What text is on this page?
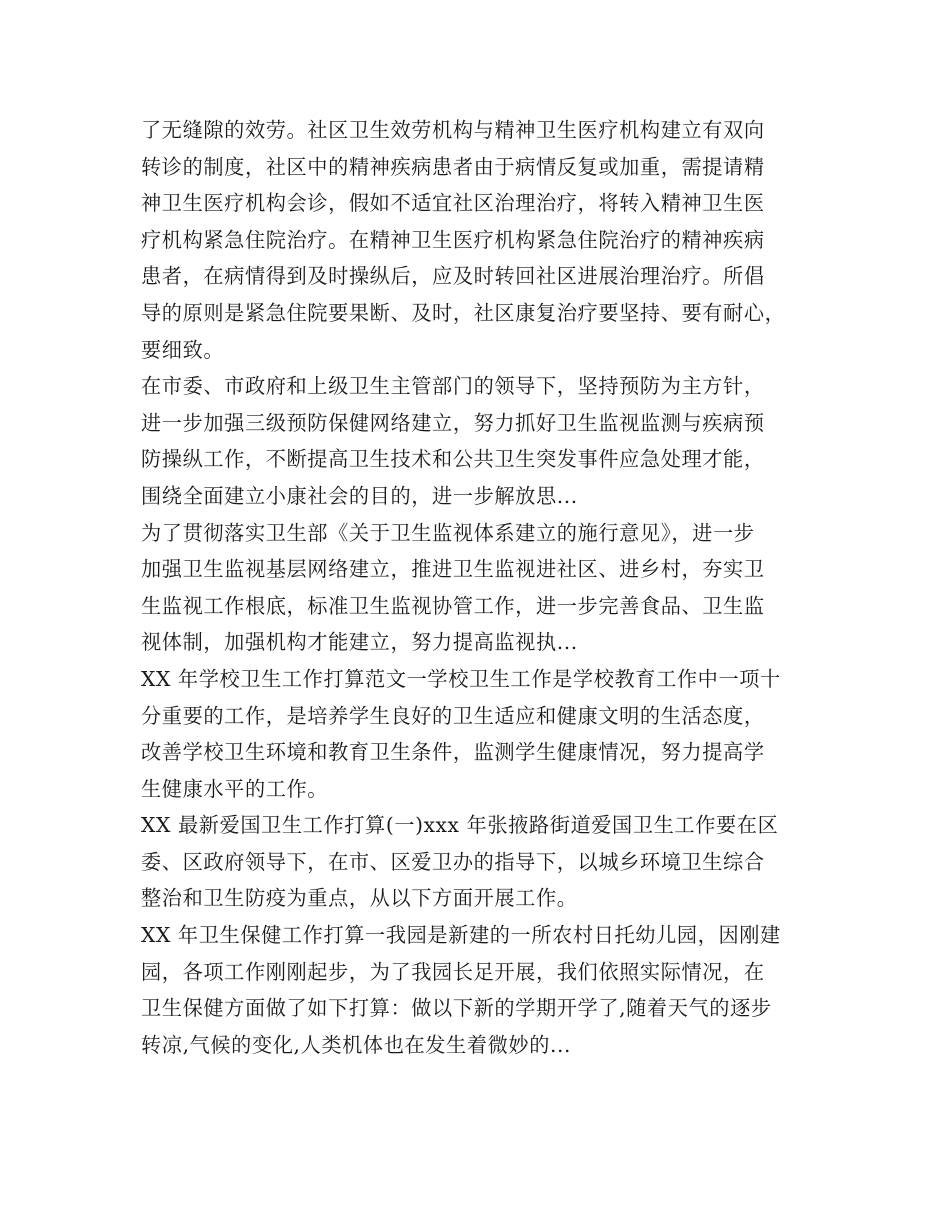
了无缝隙的效劳。社区卫生效劳机构与精神卫生医疗机构建立有双向
转诊的制度，社区中的精神疾病患者由于病情反复或加重，需提请精
神卫生医疗机构会诊，假如不适宜社区治理治疗，将转入精神卫生医
疗机构紧急住院治疗。在精神卫生医疗机构紧急住院治疗的精神疾病
患者，在病情得到及时操纵后，应及时转回社区进展治理治疗。所倡
导的原则是紧急住院要果断、及时，社区康复治疗要坚持、要有耐心，
要细致。
在市委、市政府和上级卫生主管部门的领导下，坚持预防为主方针，
进一步加强三级预防保健网络建立，努力抓好卫生监视监测与疾病预
防操纵工作，不断提高卫生技术和公共卫生突发事件应急处理才能，
围绕全面建立小康社会的目的，进一步解放思...
为了贯彻落实卫生部《关于卫生监视体系建立的施行意见》，进一步
加强卫生监视基层网络建立，推进卫生监视进社区、进乡村，夯实卫
生监视工作根底，标准卫生监视协管工作，进一步完善食品、卫生监
视体制，加强机构才能建立，努力提高监视执...
XX 年学校卫生工作打算范文一学校卫生工作是学校教育工作中一项十
分重要的工作，是培养学生良好的卫生适应和健康文明的生活态度，
改善学校卫生环境和教育卫生条件，监测学生健康情况，努力提高学
生健康水平的工作。
XX 最新爱国卫生工作打算(一)xxx 年张掖路街道爱国卫生工作要在区
委、区政府领导下，在市、区爱卫办的指导下，以城乡环境卫生综合
整治和卫生防疫为重点，从以下方面开展工作。
XX 年卫生保健工作打算一我园是新建的一所农村日托幼儿园，因刚建
园，各项工作刚刚起步，为了我园长足开展，我们依照实际情况，在
卫生保健方面做了如下打算：做以下新的学期开学了,随着天气的逐步
转凉,气候的变化,人类机体也在发生着微妙的...
